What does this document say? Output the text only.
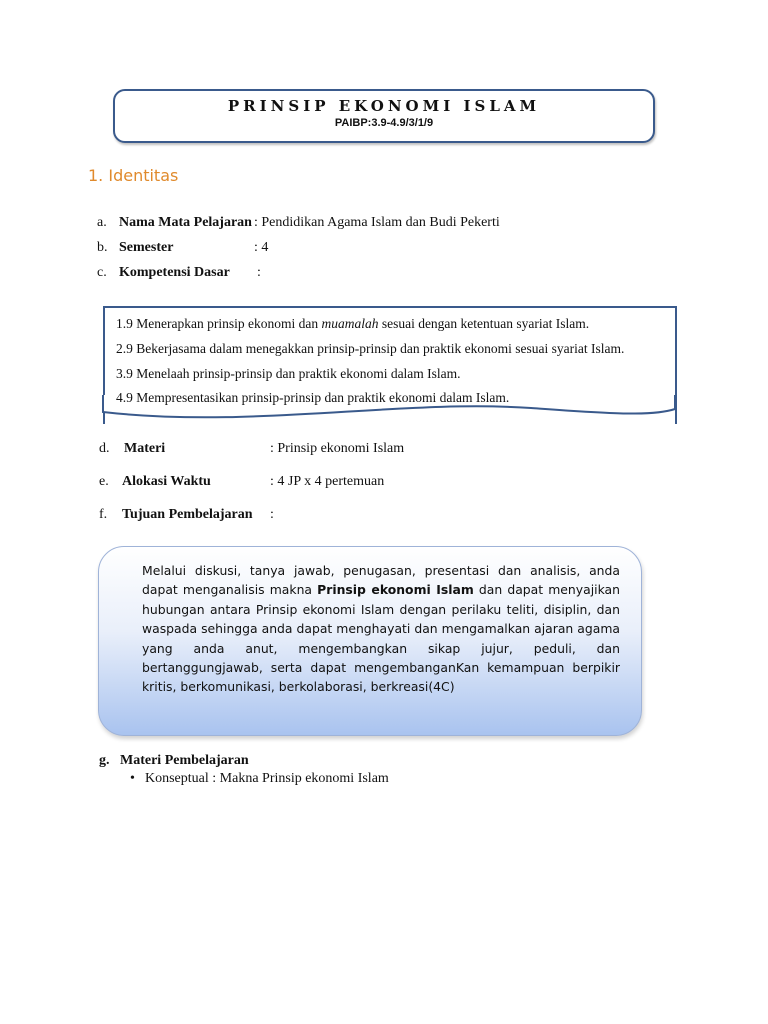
PRINSIP EKONOMI ISLAM
PAIBP:3.9-4.9/3/1/9
1. Identitas
a. Nama Mata Pelajaran : Pendidikan Agama Islam dan Budi Pekerti
b. Semester	: 4
c. Kompetensi Dasar :
1.9 Menerapkan prinsip ekonomi dan muamalah sesuai dengan ketentuan syariat Islam.
2.9 Bekerjasama dalam menegakkan prinsip-prinsip dan praktik ekonomi sesuai syariat Islam.
3.9 Menelaah prinsip-prinsip dan praktik ekonomi dalam Islam.
4.9 Mempresentasikan prinsip-prinsip dan praktik ekonomi dalam Islam.
d. Materi	: Prinsip ekonomi Islam
e. Alokasi Waktu	: 4 JP x 4 pertemuan
f. Tujuan Pembelajaran :
Melalui diskusi, tanya jawab, penugasan, presentasi dan analisis, anda dapat menganalisis makna Prinsip ekonomi Islam dan dapat menyajikan hubungan antara Prinsip ekonomi Islam dengan perilaku teliti, disiplin, dan waspada sehingga anda dapat menghayati dan mengamalkan ajaran agama yang anda anut, mengembangkan sikap jujur, peduli, dan bertanggungjawab, serta dapat mengembanganKan kemampuan berpikir kritis, berkomunikasi, berkolaborasi, berkreasi(4C)
g. Materi Pembelajaran
• Konseptual : Makna Prinsip ekonomi Islam
